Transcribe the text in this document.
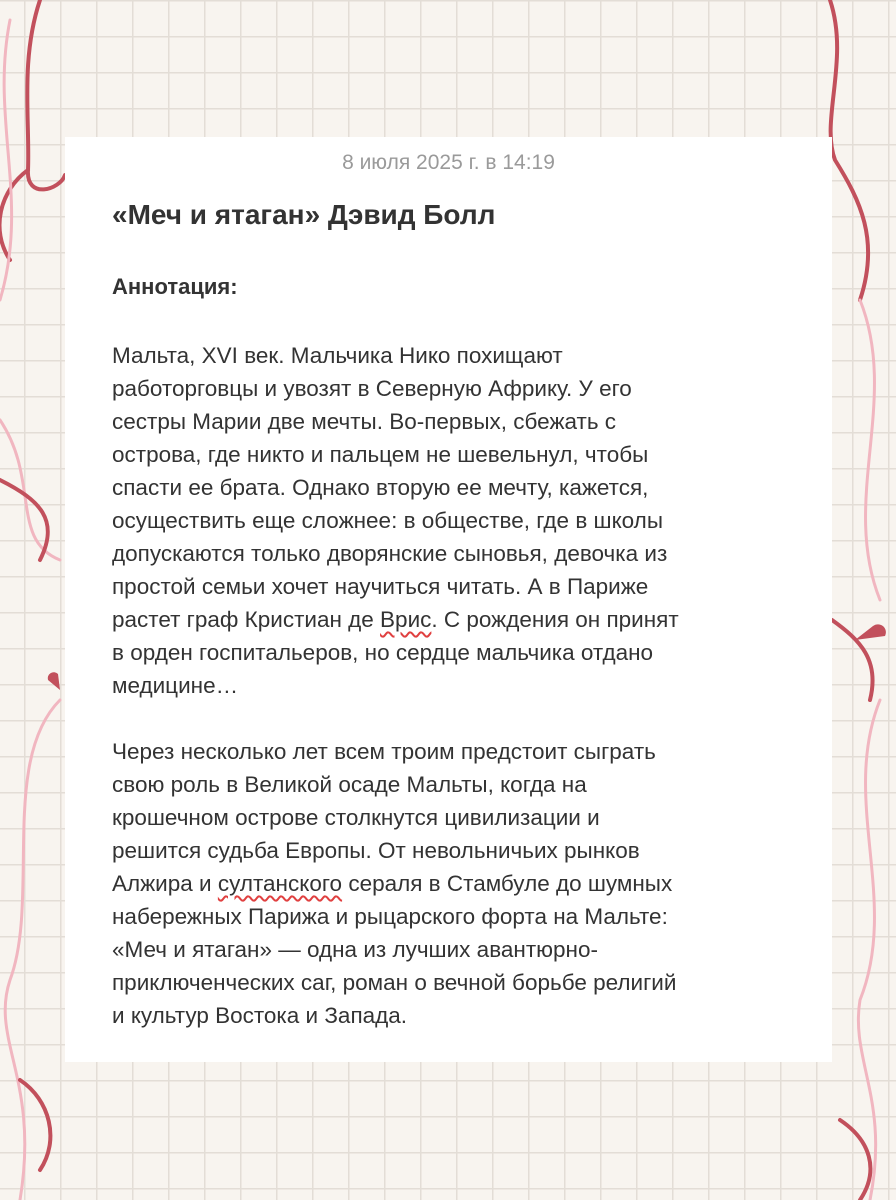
8 июля 2025 г. в 14:19
«Меч и ятаган» Дэвид Болл
Аннотация:
Мальта, XVI век. Мальчика Нико похищают
работорговцы и увозят в Северную Африку. У его
сестры Марии две мечты. Во-первых, сбежать с
острова, где никто и пальцем не шевельнул, чтобы
спасти ее брата. Однако вторую ее мечту, кажется,
осуществить еще сложнее: в обществе, где в школы
допускаются только дворянские сыновья, девочка из
простой семьи хочет научиться читать. А в Париже
растет граф Кристиан де Врис. С рождения он принят
в орден госпитальеров, но сердце мальчика отдано
медицине…
Через несколько лет всем троим предстоит сыграть
свою роль в Великой осаде Мальты, когда на
крошечном острове столкнутся цивилизации и
решится судьба Европы. От невольничьих рынков
Алжира и султанского сераля в Стамбуле до шумных
набережных Парижа и рыцарского форта на Мальте:
«Меч и ятаган» — одна из лучших авантюрно-
приключенческих саг, роман о вечной борьбе религий
и культур Востока и Запада.
